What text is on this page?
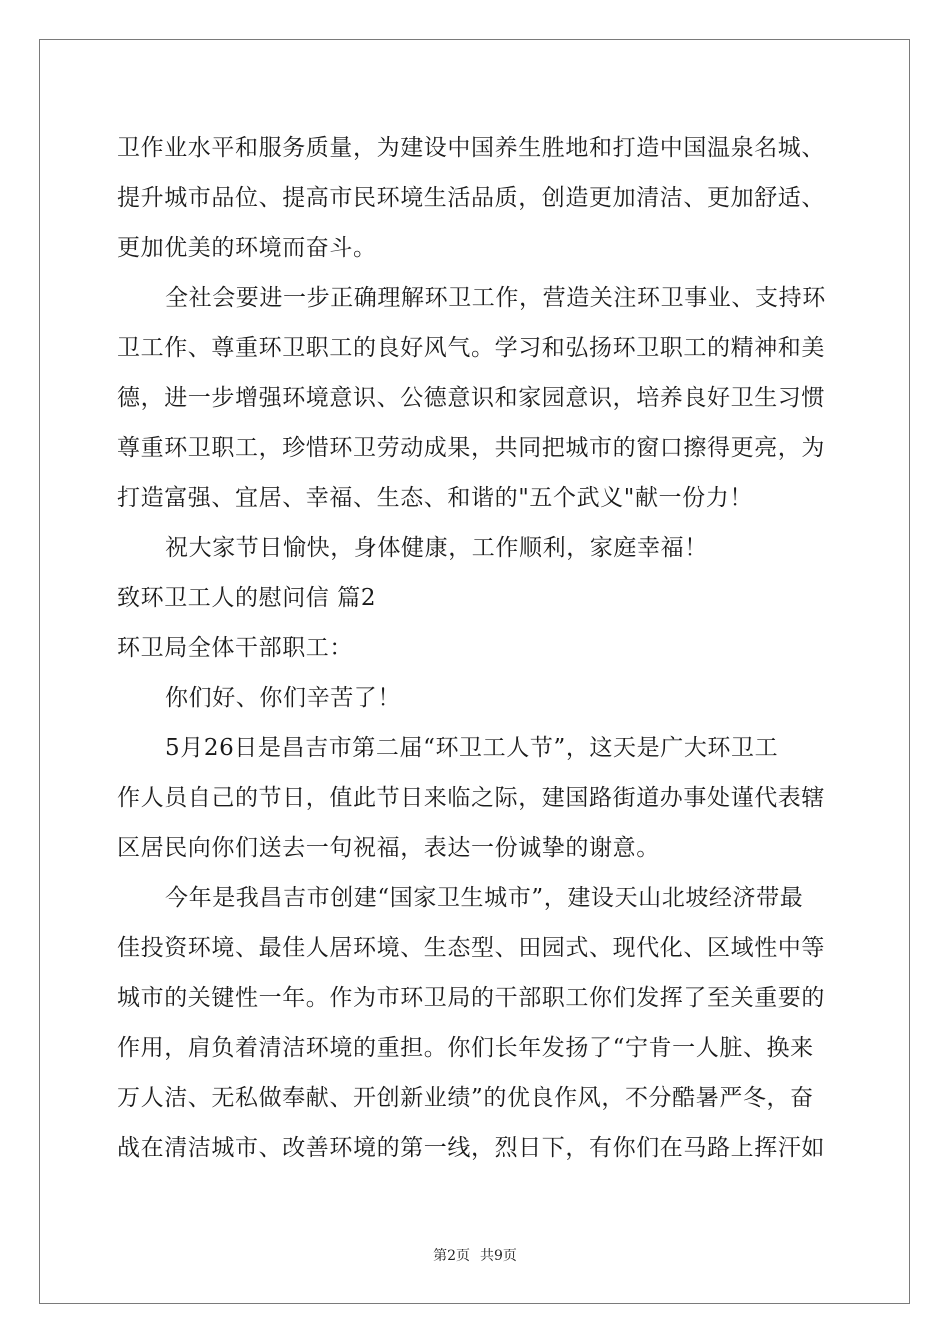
卫作业水平和服务质量，为建设中国养生胜地和打造中国温泉名城、
提升城市品位、提高市民环境生活品质，创造更加清洁、更加舒适、
更加优美的环境而奋斗。
全社会要进一步正确理解环卫工作，营造关注环卫事业、支持环
卫工作、尊重环卫职工的良好风气。学习和弘扬环卫职工的精神和美
德，进一步增强环境意识、公德意识和家园意识，培养良好卫生习惯
尊重环卫职工，珍惜环卫劳动成果，共同把城市的窗口擦得更亮，为
打造富强、宜居、幸福、生态、和谐的"五个武义"献一份力！
祝大家节日愉快，身体健康，工作顺利，家庭幸福！
致环卫工人的慰问信 篇2
环卫局全体干部职工：
你们好、你们辛苦了！
5月26日是昌吉市第二届“环卫工人节”，这天是广大环卫工
作人员自己的节日，值此节日来临之际，建国路街道办事处谨代表辖
区居民向你们送去一句祝福，表达一份诚挚的谢意。
今年是我昌吉市创建“国家卫生城市”，建设天山北坡经济带最
佳投资环境、最佳人居环境、生态型、田园式、现代化、区域性中等
城市的关键性一年。作为市环卫局的干部职工你们发挥了至关重要的
作用，肩负着清洁环境的重担。你们长年发扬了“宁肯一人脏、换来
万人洁、无私做奉献、开创新业绩”的优良作风，不分酷暑严冬，奋
战在清洁城市、改善环境的第一线，烈日下，有你们在马路上挥汗如
第2页 共9页
